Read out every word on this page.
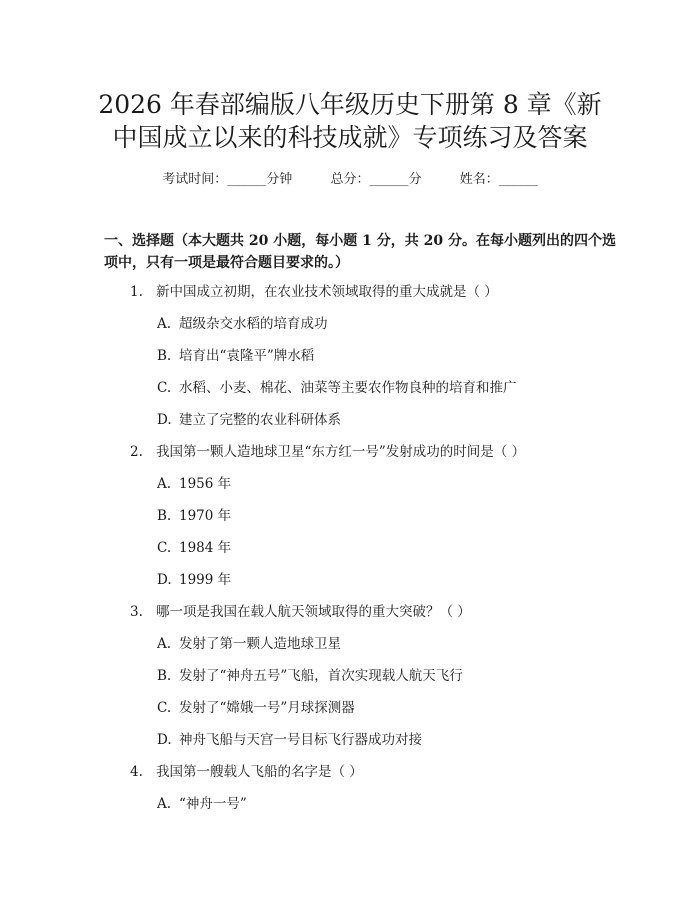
2026 年春部编版八年级历史下册第 8 章《新
中国成立以来的科技成就》专项练习及答案
考试时间：______分钟	总分：______分	姓名：______
一、选择题（本大题共 20 小题，每小题 1 分，共 20 分。在每小题列出的四个选
项中，只有一项是最符合题目要求的。）
1. 新中国成立初期，在农业技术领域取得的重大成就是（ ）
A. 超级杂交水稻的培育成功
B. 培育出“袁隆平”牌水稻
C. 水稻、小麦、棉花、油菜等主要农作物良种的培育和推广
D. 建立了完整的农业科研体系
2. 我国第一颗人造地球卫星“东方红一号”发射成功的时间是（ ）
A. 1956 年
B. 1970 年
C. 1984 年
D. 1999 年
3. 哪一项是我国在载人航天领域取得的重大突破？（ ）
A. 发射了第一颗人造地球卫星
B. 发射了“神舟五号”飞船，首次实现载人航天飞行
C. 发射了“嫦娥一号”月球探测器
D. 神舟飞船与天宫一号目标飞行器成功对接
4. 我国第一艘载人飞船的名字是（ ）
A. “神舟一号”
